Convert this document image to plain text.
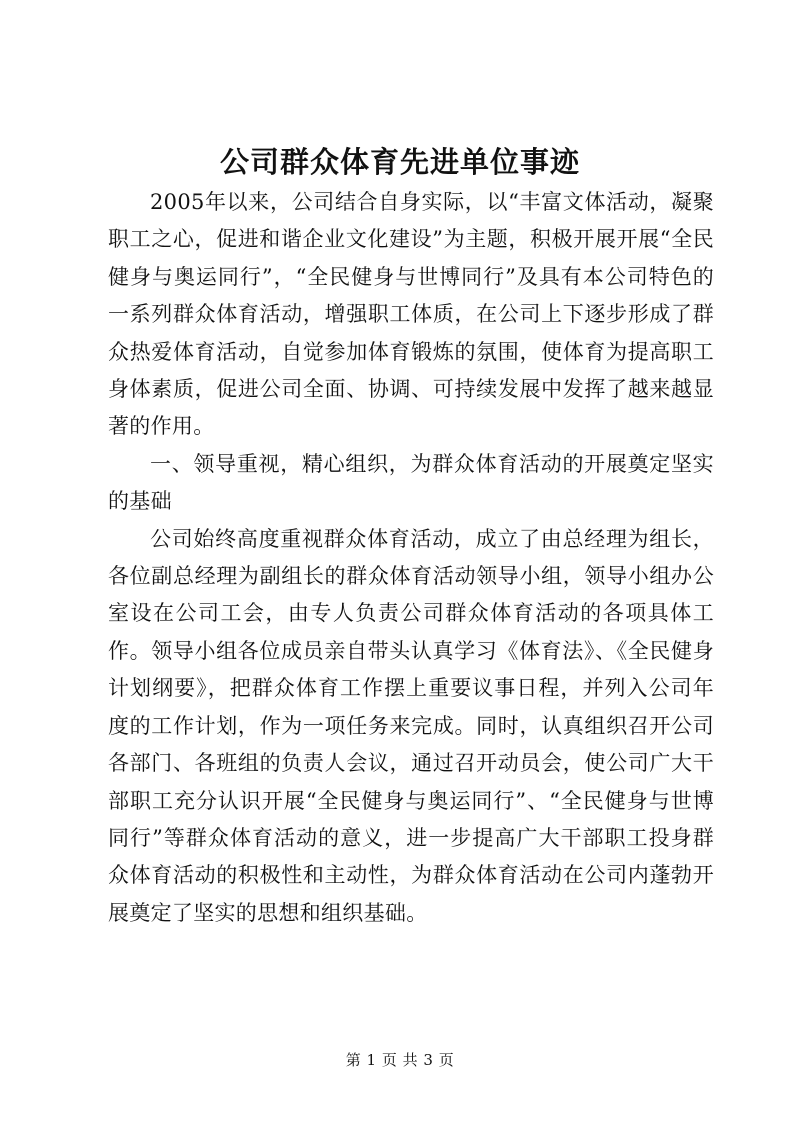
公司群众体育先进单位事迹

2005年以来，公司结合自身实际，以“丰富文体活动，凝聚职工之心，促进和谐企业文化建设”为主题，积极开展开展“全民健身与奥运同行”，“全民健身与世博同行”及具有本公司特色的一系列群众体育活动，增强职工体质，在公司上下逐步形成了群众热爱体育活动，自觉参加体育锻炼的氛围，使体育为提高职工身体素质，促进公司全面、协调、可持续发展中发挥了越来越显著的作用。

一、领导重视，精心组织，为群众体育活动的开展奠定坚实的基础

公司始终高度重视群众体育活动，成立了由总经理为组长，各位副总经理为副组长的群众体育活动领导小组，领导小组办公室设在公司工会，由专人负责公司群众体育活动的各项具体工作。领导小组各位成员亲自带头认真学习《体育法》、《全民健身计划纲要》，把群众体育工作摆上重要议事日程，并列入公司年度的工作计划，作为一项任务来完成。同时，认真组织召开公司各部门、各班组的负责人会议，通过召开动员会，使公司广大干部职工充分认识开展“全民健身与奥运同行”、“全民健身与世博同行”等群众体育活动的意义，进一步提高广大干部职工投身群众体育活动的积极性和主动性，为群众体育活动在公司内蓬勃开展奠定了坚实的思想和组织基础。

第 1 页 共 3 页
